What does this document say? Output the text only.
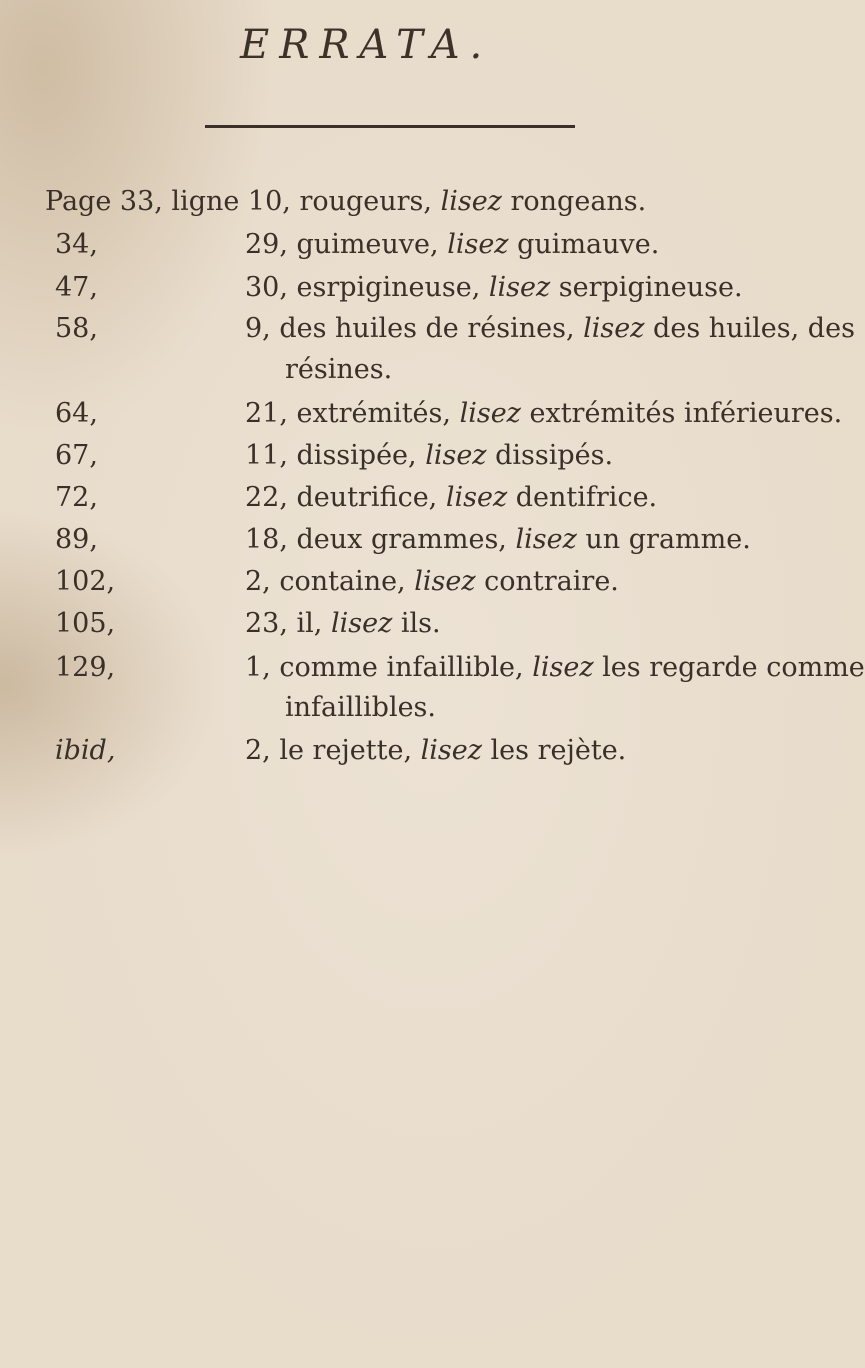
ERRATA.
Page 33, ligne 10, rougeurs, lisez rongeans.
34,	29, guimeuve, lisez guimauve.
47,	30, esrpigineuse, lisez serpigineuse.
58,	9, des huiles de résines, lisez des huiles, des
résines.
64,	21, extrémités, lisez extrémités inférieures.
67,	11, dissipée, lisez dissipés.
72,	22, deutrifice, lisez dentifrice.
89,	18, deux grammes, lisez un gramme.
102,	2, containe, lisez contraire.
105,	23, il, lisez ils.
129,	1, comme infaillible, lisez les regarde comme
infaillibles.
ibid,	2, le rejette, lisez les rejète.
